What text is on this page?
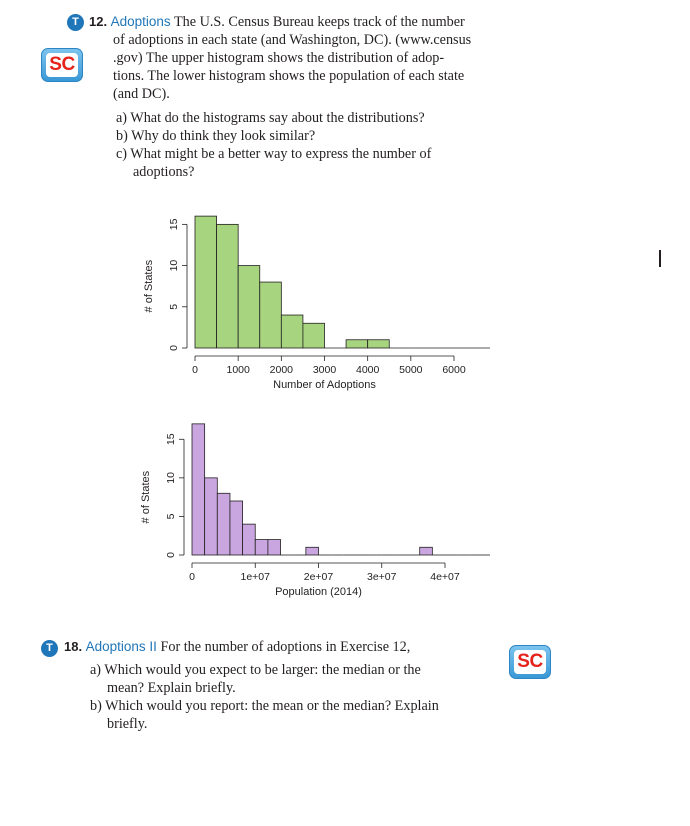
T
SC
12. Adoptions The U.S. Census Bureau keeps track of the number
of adoptions in each state (and Washington, DC). (www.census
.gov) The upper histogram shows the distribution of adop-
tions. The lower histogram shows the population of each state
(and DC).
a) What do the histograms say about the distributions?
b) Why do think they look similar?
c) What might be a better way to express the number of
adoptions?
0
5
10
15
0	1000 2000 3000 4000 5000 6000
Number of Adoptions
# of States
0
5
10
15
0	1e+07	2e+07	3e+07	4e+07
Population (2014)
# of States
T
SC
18. Adoptions II For the number of adoptions in Exercise 12,
a) Which would you expect to be larger: the median or the
mean? Explain briefly.
b) Which would you report: the mean or the median? Explain
briefly.
